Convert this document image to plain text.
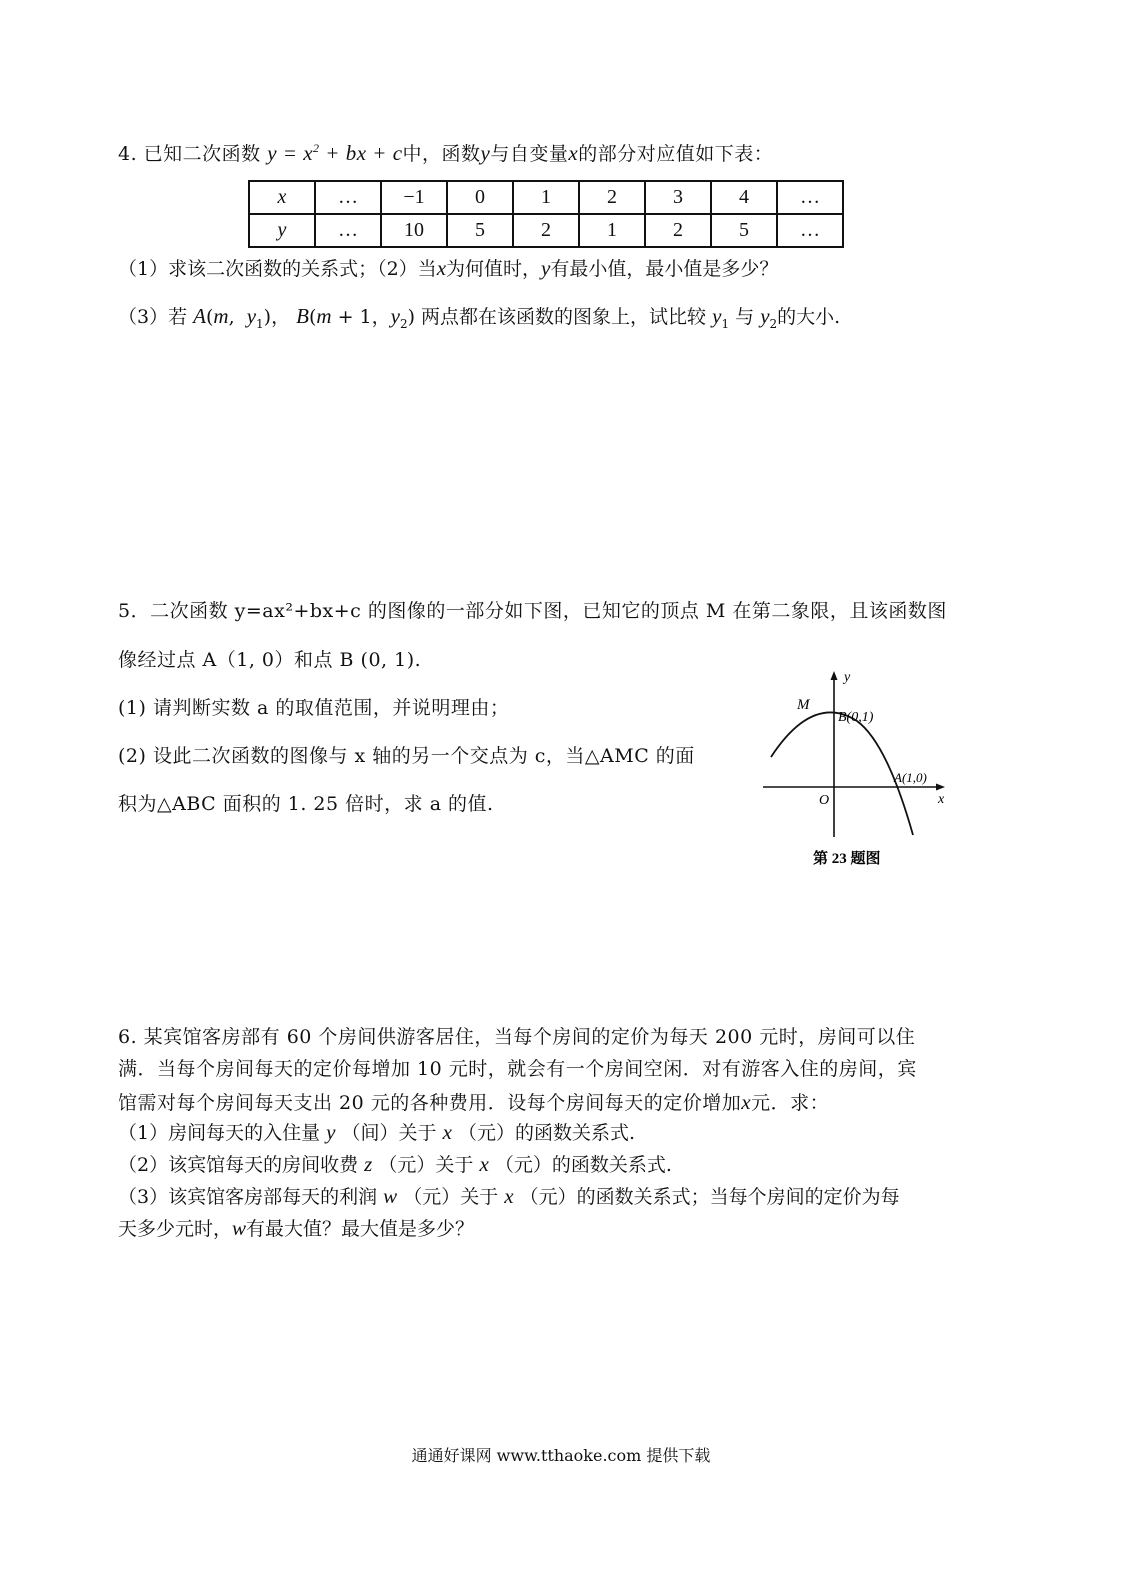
4. 已知二次函数 $y = x^2$ + bx + c中，函数y与自变量x的部分对应值如下表：
x	…	−1	0	1	2	3	4	…
y	…	10	5	2	1	2	5	…
（1）求该二次函数的关系式；（2）当x为何值时，y有最小值，最小值是多少？
（3）若 A(m,  $y_1$)， B(m + 1，$y_2$) 两点都在该函数的图象上，试比较 $y_1$ 与 $y_2$的大小.
5．二次函数 y=ax²+bx+c 的图像的一部分如下图，已知它的顶点 M 在第二象限，且该函数图
像经过点 A（1, 0）和点 B (0, 1).
(1) 请判断实数 a 的取值范围，并说明理由；
(2) 设此二次函数的图像与 x 轴的另一个交点为 c，当△AMC 的面
积为△ABC 面积的 1. 25 倍时，求 a 的值.
y
x
O
M
B(0,1)
A(1,0)
第 23 题图
6. 某宾馆客房部有 60 个房间供游客居住，当每个房间的定价为每天 200 元时，房间可以住
满．当每个房间每天的定价每增加 10 元时，就会有一个房间空闲．对有游客入住的房间，宾
馆需对每个房间每天支出 20 元的各种费用．设每个房间每天的定价增加x元．求：
（1）房间每天的入住量 y （间）关于 x （元）的函数关系式.
（2）该宾馆每天的房间收费 z （元）关于 x （元）的函数关系式.
（3）该宾馆客房部每天的利润 w （元）关于 x （元）的函数关系式；当每个房间的定价为每
天多少元时，w有最大值？最大值是多少？
通通好课网 www.tthaoke.com 提供下载
